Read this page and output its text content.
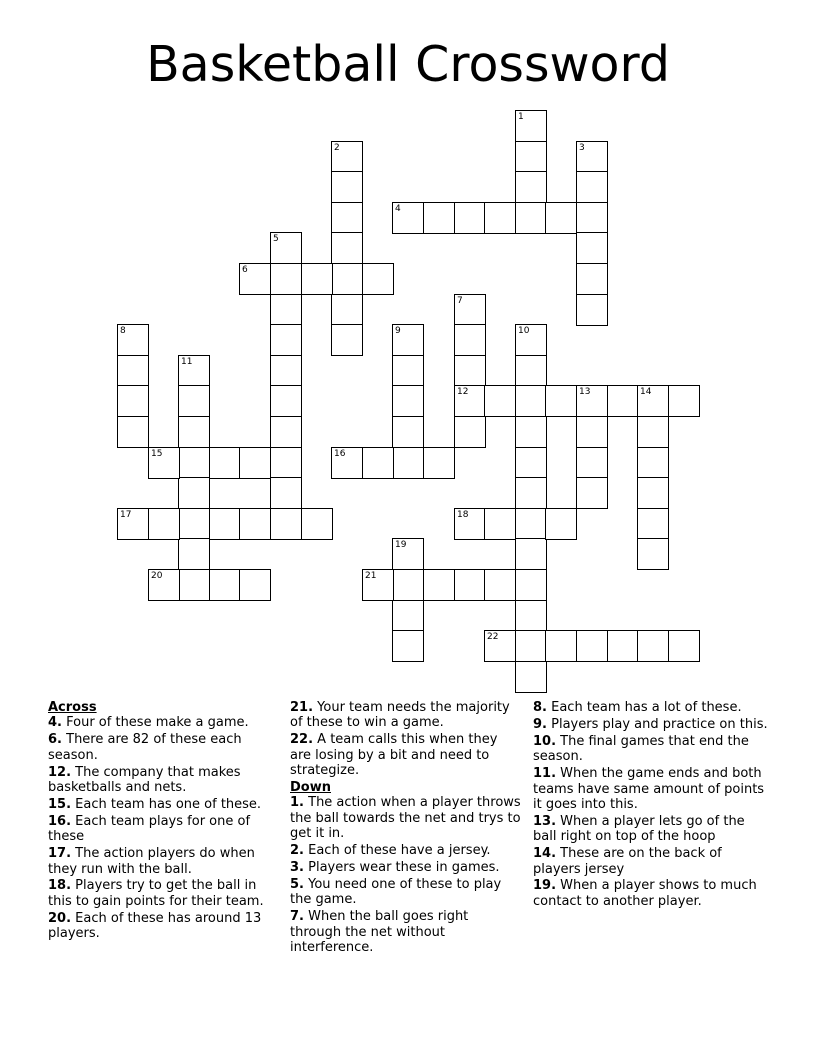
Basketball Crossword
1
2	3
4
5
6
7
12
8	9	10
11
13	14
15	16
17	18
19
20	21
22
Across
4. Four of these make a game.
6. There are 82 of these each season.
12. The company that makes basketballs and nets.
15. Each team has one of these.
16. Each team plays for one of these
17. The action players do when they run with the ball.
18. Players try to get the ball in this to gain points for their team.
20. Each of these has around 13 players.
21. Your team needs the majority of these to win a game.
22. A team calls this when they are losing by a bit and need to strategize.
Down
1. The action when a player throws the ball towards the net and trys to get it in.
2. Each of these have a jersey.
3. Players wear these in games.
5. You need one of these to play the game.
7. When the ball goes right through the net without interference.
8. Each team has a lot of these.
9. Players play and practice on this.
10. The final games that end the season.
11. When the game ends and both teams have same amount of points it goes into this.
13. When a player lets go of the ball right on top of the hoop
14. These are on the back of players jersey
19. When a player shows to much contact to another player.
